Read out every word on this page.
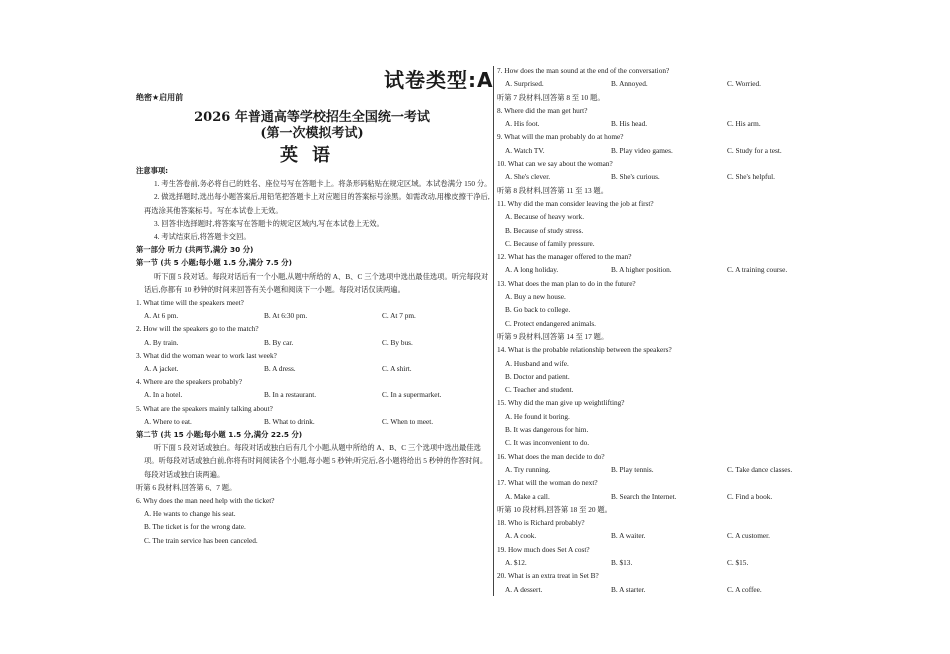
试卷类型:A
绝密★启用前
2026 年普通高等学校招生全国统一考试
(第一次模拟考试)
英语
注意事项:
1. 考生答卷前,务必将自己的姓名、座位号写在答题卡上。将条形码粘贴在规定区域。本试卷满分 150 分。
2. 做选择题时,选出每小题答案后,用铅笔把答题卡上对应题目的答案标号涂黑。如需改动,用橡皮擦干净后,再选涂其他答案标号。写在本试卷上无效。
3. 回答非选择题时,将答案写在答题卡的规定区域内,写在本试卷上无效。
4. 考试结束后,将答题卡交回。
第一部分 听力 (共两节,满分 30 分)
第一节 (共 5 小题;每小题 1.5 分,满分 7.5 分)
听下面 5 段对话。每段对话后有一个小题,从题中所给的 A、B、C 三个选项中选出最佳选项。听完每段对话后,你都有 10 秒钟的时间来回答有关小题和阅读下一小题。每段对话仅读两遍。
1. What time will the speakers meet?
A. At 6 pm.	B. At 6:30 pm.	C. At 7 pm.
2. How will the speakers go to the match?
A. By train.	B. By car.	C. By bus.
3. What did the woman wear to work last week?
A. A jacket.	B. A dress.	C. A shirt.
4. Where are the speakers probably?
A. In a hotel.	B. In a restaurant.	C. In a supermarket.
5. What are the speakers mainly talking about?
A. Where to eat.	B. What to drink.	C. When to meet.
第二节 (共 15 小题;每小题 1.5 分,满分 22.5 分)
听下面 5 段对话或独白。每段对话或独白后有几个小题,从题中所给的 A、B、C 三个选项中选出最佳选项。听每段对话或独白前,你将有时间阅读各个小题,每小题 5 秒钟;听完后,各小题将给出 5 秒钟的作答时间。每段对话或独白读两遍。
听第 6 段材料,回答第 6、7 题。
6. Why does the man need help with the ticket?
A. He wants to change his seat.
B. The ticket is for the wrong date.
C. The train service has been canceled.
7. How does the man sound at the end of the conversation?
A. Surprised.	B. Annoyed.	C. Worried.
听第 7 段材料,回答第 8 至 10 题。
8. Where did the man get hurt?
A. His foot.	B. His head.	C. His arm.
9. What will the man probably do at home?
A. Watch TV.	B. Play video games.	C. Study for a test.
10. What can we say about the woman?
A. She's clever.	B. She's curious.	C. She's helpful.
听第 8 段材料,回答第 11 至 13 题。
11. Why did the man consider leaving the job at first?
A. Because of heavy work.
B. Because of study stress.
C. Because of family pressure.
12. What has the manager offered to the man?
A. A long holiday.	B. A higher position.	C. A training course.
13. What does the man plan to do in the future?
A. Buy a new house.
B. Go back to college.
C. Protect endangered animals.
听第 9 段材料,回答第 14 至 17 题。
14. What is the probable relationship between the speakers?
A. Husband and wife.
B. Doctor and patient.
C. Teacher and student.
15. Why did the man give up weightlifting?
A. He found it boring.
B. It was dangerous for him.
C. It was inconvenient to do.
16. What does the man decide to do?
A. Try running.	B. Play tennis.	C. Take dance classes.
17. What will the woman do next?
A. Make a call.	B. Search the Internet.	C. Find a book.
听第 10 段材料,回答第 18 至 20 题。
18. Who is Richard probably?
A. A cook.	B. A waiter.	C. A customer.
19. How much does Set A cost?
A. $12.	B. $13.	C. $15.
20. What is an extra treat in Set B?
A. A dessert.	B. A starter.	C. A coffee.
